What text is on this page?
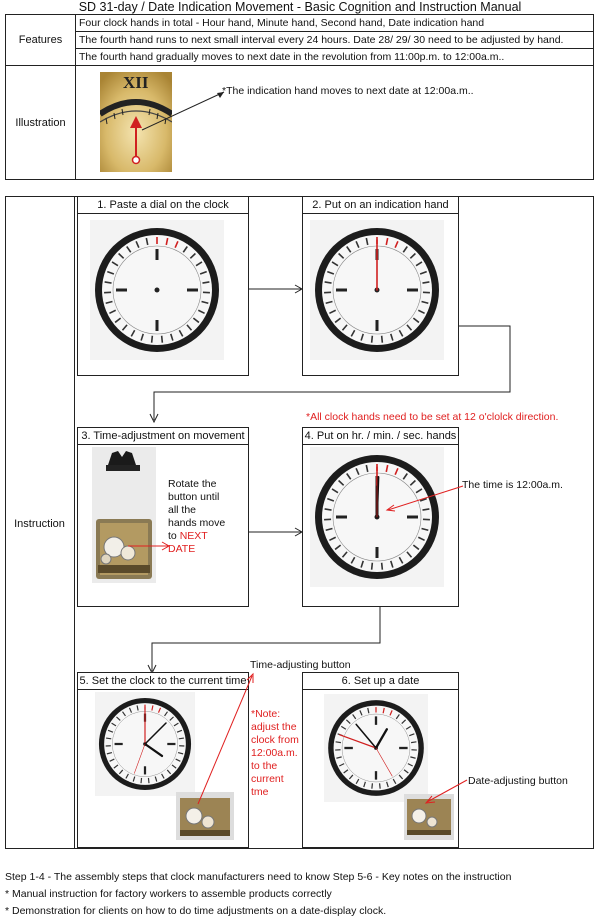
SD 31-day / Date Indication Movement - Basic Cognition and Instruction Manual
Features
Four clock hands in total - Hour hand, Minute hand, Second hand, Date indication hand
The fourth hand runs to next small interval every 24 hours. Date 28/ 29/ 30 need to be adjusted by hand.
The fourth hand gradually moves to next date in the revolution from 11:00p.m. to 12:00a.m..
Illustration
*The indication hand moves to next date at 12:00a.m..
XII
Instruction
1. Paste a dial on the clock	2. Put on an indication hand
*All clock hands need to be set at 12 o'clolck direction.
3. Time-adjustment on movement
Rotate the
button until
all the
hands move
to NEXT
DATE
4. Put on hr. / min. / sec. hands
The time is 12:00a.m.
Time-adjusting button
5. Set the clock to the current time
*Note:
adjust the
clock from
12:00a.m.
to the
current
tme
6. Set up a date
Date-adjusting button
Step 1-4 - The assembly steps that clock manufacturers need to know Step 5-6 - Key notes on the instruction
* Manual instruction for factory workers to assemble products correctly
* Demonstration for clients on how to do time adjustments on a date-display clock.
